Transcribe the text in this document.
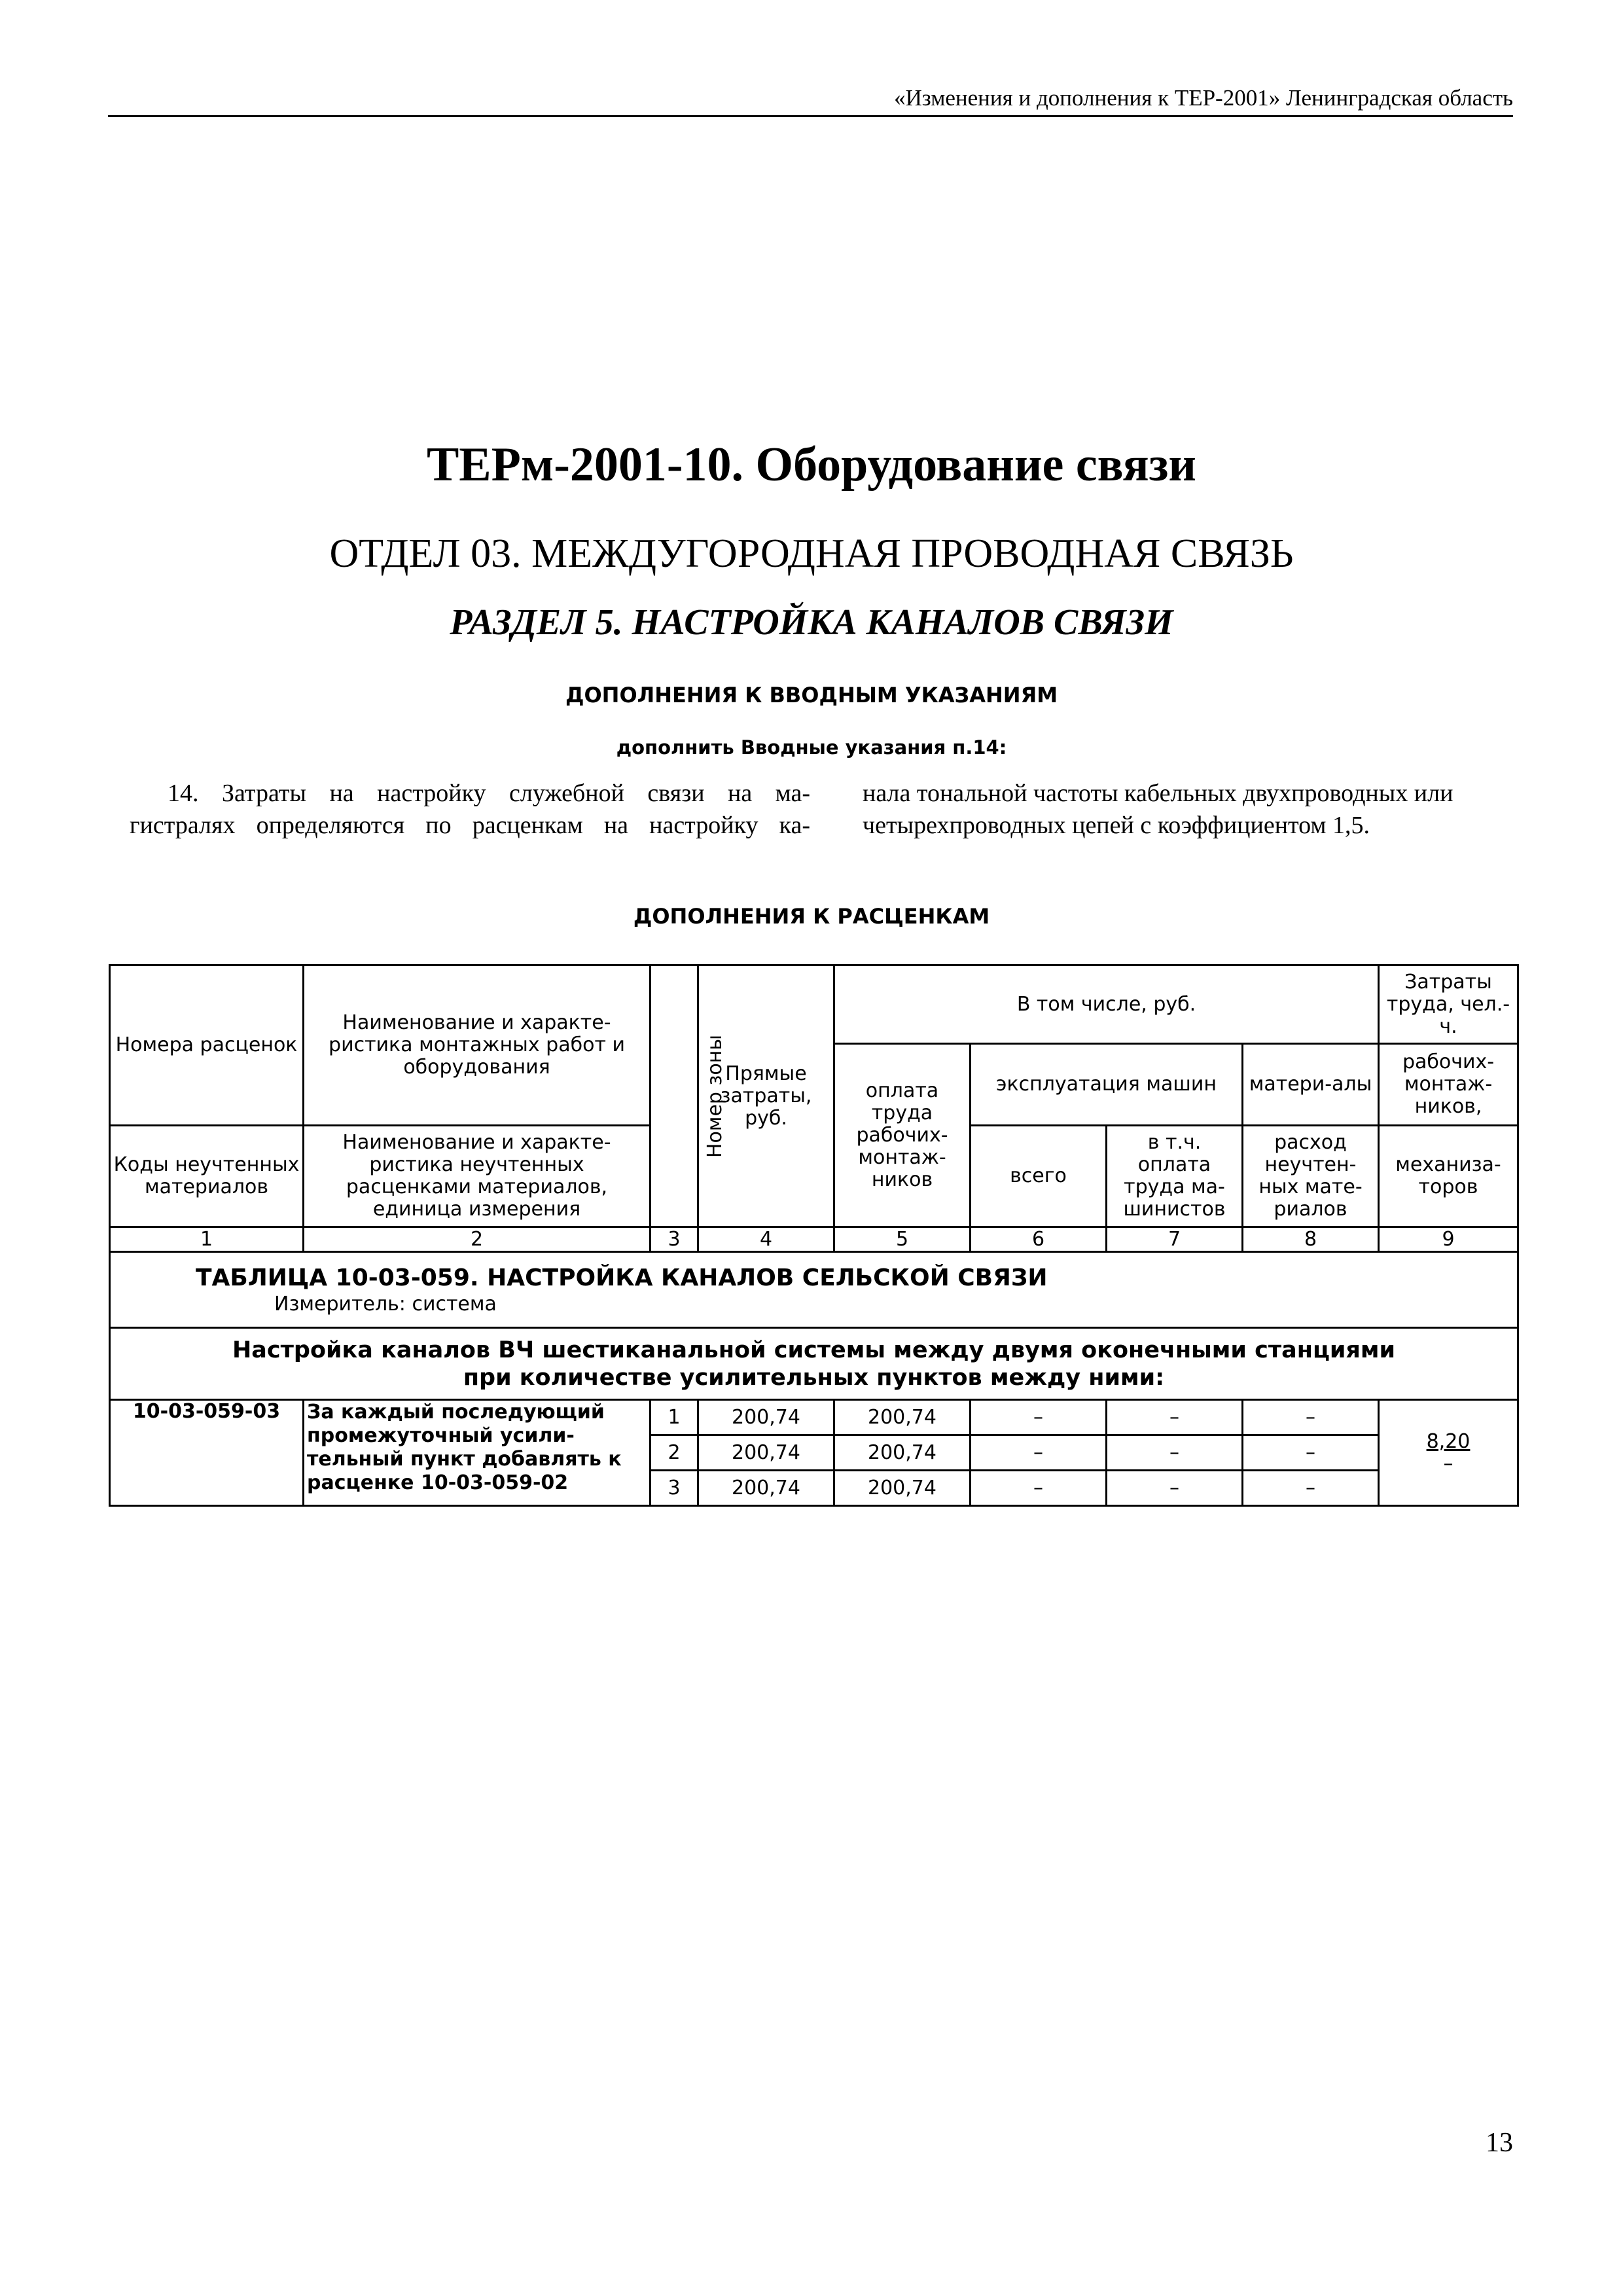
«Изменения и дополнения к ТЕР-2001» Ленинградская область
ТЕРм-2001-10. Оборудование связи
ОТДЕЛ 03. МЕЖДУГОРОДНАЯ ПРОВОДНАЯ СВЯЗЬ
РАЗДЕЛ 5. НАСТРОЙКА КАНАЛОВ СВЯЗИ
ДОПОЛНЕНИЯ К ВВОДНЫМ УКАЗАНИЯМ
дополнить Вводные указания п.14:
14. Затраты на настройку служебной связи на ма-
гистралях определяются по расценкам на настройку ка-
нала тональной частоты кабельных двухпроводных или
четырехпроводных цепей с коэффициентом 1,5.
ДОПОЛНЕНИЯ К РАСЦЕНКАМ
Номера расценок	Наименование и характе-ристика монтажных работ и оборудования	Номер зоны	Прямые затраты, руб.	В том числе, руб.				Затраты труда, чел.-ч.
				оплата труда рабочих-монтаж-ников	эксплуатация машин		матери-алы	рабочих-монтаж-ников,
Коды неучтенных материалов	Наименование и характе-ристика неучтенных расценками материалов, единица измерения				всего	в т.ч. оплата труда ма-шинистов	расход неучтен-ных мате-риалов	механиза-торов

1	2	3	4	5	6	7	8	9

ТАБЛИЦА 10-03-059. НАСТРОЙКА КАНАЛОВ СЕЛЬСКОЙ СВЯЗИ
Измеритель: система								

Настройка каналов ВЧ шестиканальной системы между двумя оконечными станциями
при количестве усилительных пунктов между ними:								

10-03-059-03	За каждый последующий промежуточный усили-тельный пункт добавлять к расценке 10-03-059-02	1	200,74	200,74	–	–	–	8,20
–

		2	200,74	200,74	–	–	–	
		3	200,74	200,74	–	–	–	
13
